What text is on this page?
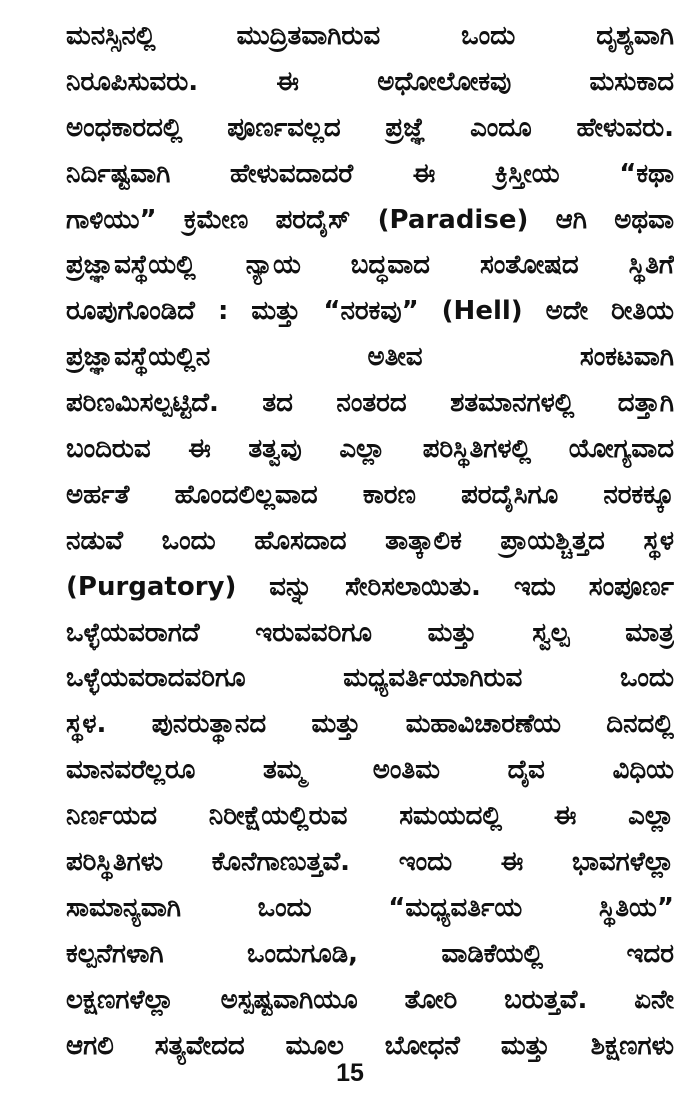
ಮನಸ್ಸಿನಲ್ಲಿ ಮುದ್ರಿತವಾಗಿರುವ ಒಂದು ದೃಶ್ಯವಾಗಿ
ನಿರೂಪಿಸುವರು. ಈ ಅಧೋಲೋಕವು ಮಸುಕಾದ
ಅಂಧಕಾರದಲ್ಲಿ ಪೂರ್ಣವಲ್ಲದ ಪ್ರಜ್ಞೆ ಎಂದೂ ಹೇಳುವರು.
ನಿರ್ದಿಷ್ಟವಾಗಿ ಹೇಳುವದಾದರೆ ಈ ಕ್ರಿಸ್ತೀಯ “ಕಥಾ
ಗಾಳಿಯು” ಕ್ರಮೇಣ ಪರದೈಸ್ (Paradise) ಆಗಿ ಅಥವಾ
ಪ್ರಜ್ಞಾವಸ್ಥೆಯಲ್ಲಿ ನ್ಯಾಯ ಬದ್ಧವಾದ ಸಂತೋಷದ ಸ್ಥಿತಿಗೆ
ರೂಪುಗೊಂಡಿದೆ : ಮತ್ತು “ನರಕವು” (Hell) ಅದೇ ರೀತಿಯ
ಪ್ರಜ್ಞಾವಸ್ಥೆಯಲ್ಲಿನ ಅತೀವ ಸಂಕಟವಾಗಿ
ಪರಿಣಮಿಸಲ್ಪಟ್ಟಿದೆ. ತದ ನಂತರದ ಶತಮಾನಗಳಲ್ಲಿ ದತ್ತಾಗಿ
ಬಂದಿರುವ ಈ ತತ್ವವು ಎಲ್ಲಾ ಪರಿಸ್ಥಿತಿಗಳಲ್ಲಿ ಯೋಗ್ಯವಾದ
ಅರ್ಹತೆ ಹೊಂದಲಿಲ್ಲವಾದ ಕಾರಣ ಪರದೈಸಿಗೂ ನರಕಕ್ಕೂ
ನಡುವೆ ಒಂದು ಹೊಸದಾದ ತಾತ್ಕಾಲಿಕ ಪ್ರಾಯಶ್ಚಿತ್ತದ ಸ್ಥಳ
(Purgatory) ವನ್ನು ಸೇರಿಸಲಾಯಿತು. ಇದು ಸಂಪೂರ್ಣ
ಒಳ್ಳೆಯವರಾಗದೆ ಇರುವವರಿಗೂ ಮತ್ತು ಸ್ವಲ್ಪ ಮಾತ್ರ
ಒಳ್ಳೆಯವರಾದವರಿಗೂ ಮಧ್ಯವರ್ತಿಯಾಗಿರುವ ಒಂದು
ಸ್ಥಳ. ಪುನರುತ್ಥಾನದ ಮತ್ತು ಮಹಾವಿಚಾರಣೆಯ ದಿನದಲ್ಲಿ
ಮಾನವರೆಲ್ಲರೂ ತಮ್ಮ ಅಂತಿಮ ದೈವ ವಿಧಿಯ
ನಿರ್ಣಯದ ನಿರೀಕ್ಷೆಯಲ್ಲಿರುವ ಸಮಯದಲ್ಲಿ ಈ ಎಲ್ಲಾ
ಪರಿಸ್ಥಿತಿಗಳು ಕೊನೆಗಾಣುತ್ತವೆ. ಇಂದು ಈ ಭಾವಗಳೆಲ್ಲಾ
ಸಾಮಾನ್ಯವಾಗಿ ಒಂದು “ಮಧ್ಯವರ್ತಿಯ ಸ್ಥಿತಿಯ”
ಕಲ್ಪನೆಗಳಾಗಿ ಒಂದುಗೂಡಿ, ವಾಡಿಕೆಯಲ್ಲಿ ಇದರ
ಲಕ್ಷಣಗಳೆಲ್ಲಾ ಅಸ್ಪಷ್ಟವಾಗಿಯೂ ತೋರಿ ಬರುತ್ತವೆ. ಏನೇ
ಆಗಲಿ ಸತ್ಯವೇದದ ಮೂಲ ಬೋಧನೆ ಮತ್ತು ಶಿಕ್ಷಣಗಳು
15
